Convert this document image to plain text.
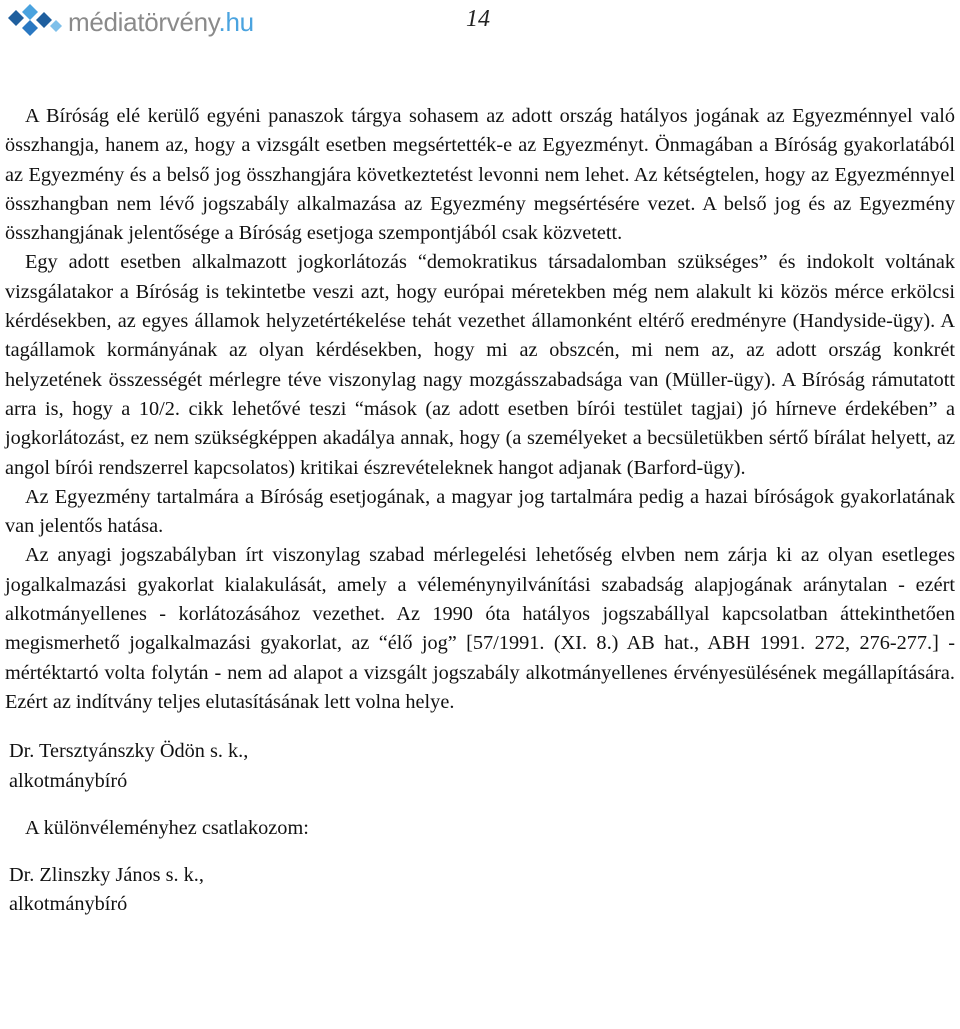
médiatörvény.hu	14

A Bíróság elé kerülő egyéni panaszok tárgya sohasem az adott ország hatályos jogának az Egyezménnyel való összhangja, hanem az, hogy a vizsgált esetben megsértették-e az Egyezményt. Önmagában a Bíróság gyakorlatából az Egyezmény és a belső jog összhangjára következtetést levonni nem lehet. Az kétségtelen, hogy az Egyezménnyel összhangban nem lévő jogszabály alkalmazása az Egyezmény megsértésére vezet. A belső jog és az Egyezmény összhangjának jelentősége a Bíróság esetjoga szempontjából csak közvetett.

Egy adott esetben alkalmazott jogkorlátozás “demokratikus társadalomban szükséges” és indokolt voltának vizsgálatakor a Bíróság is tekintetbe veszi azt, hogy európai méretekben még nem alakult ki közös mérce erkölcsi kérdésekben, az egyes államok helyzetértékelése tehát vezethet államonként eltérő eredményre (Handyside-ügy). A tagállamok kormányának az olyan kérdésekben, hogy mi az obszcén, mi nem az, az adott ország konkrét helyzetének összességét mérlegre téve viszonylag nagy mozgásszabadsága van (Müller-ügy). A Bíróság rámutatott arra is, hogy a 10/2. cikk lehetővé teszi “mások (az adott esetben bírói testület tagjai) jó hírneve érdekében” a jogkorlátozást, ez nem szükségképpen akadálya annak, hogy (a személyeket a becsületükben sértő bírálat helyett, az angol bírói rendszerrel kapcsolatos) kritikai észrevételeknek hangot adjanak (Barford-ügy).

Az Egyezmény tartalmára a Bíróság esetjogának, a magyar jog tartalmára pedig a hazai bíróságok gyakorlatának van jelentős hatása.

Az anyagi jogszabályban írt viszonylag szabad mérlegelési lehetőség elvben nem zárja ki az olyan esetleges jogalkalmazási gyakorlat kialakulását, amely a véleménynyilvánítási szabadság alapjogának aránytalan - ezért alkotmányellenes - korlátozásához vezethet. Az 1990 óta hatályos jogszabállyal kapcsolatban áttekinthetően megismerhető jogalkalmazási gyakorlat, az “élő jog” [57/1991. (XI. 8.) AB hat., ABH 1991. 272, 276-277.] - mértéktartó volta folytán - nem ad alapot a vizsgált jogszabály alkotmányellenes érvényesülésének megállapítására. Ezért az indítvány teljes elutasításának lett volna helye.

Dr. Tersztyánszky Ödön s. k.,

alkotmánybíró

A különvéleményhez csatlakozom:

Dr. Zlinszky János s. k.,

alkotmánybíró
